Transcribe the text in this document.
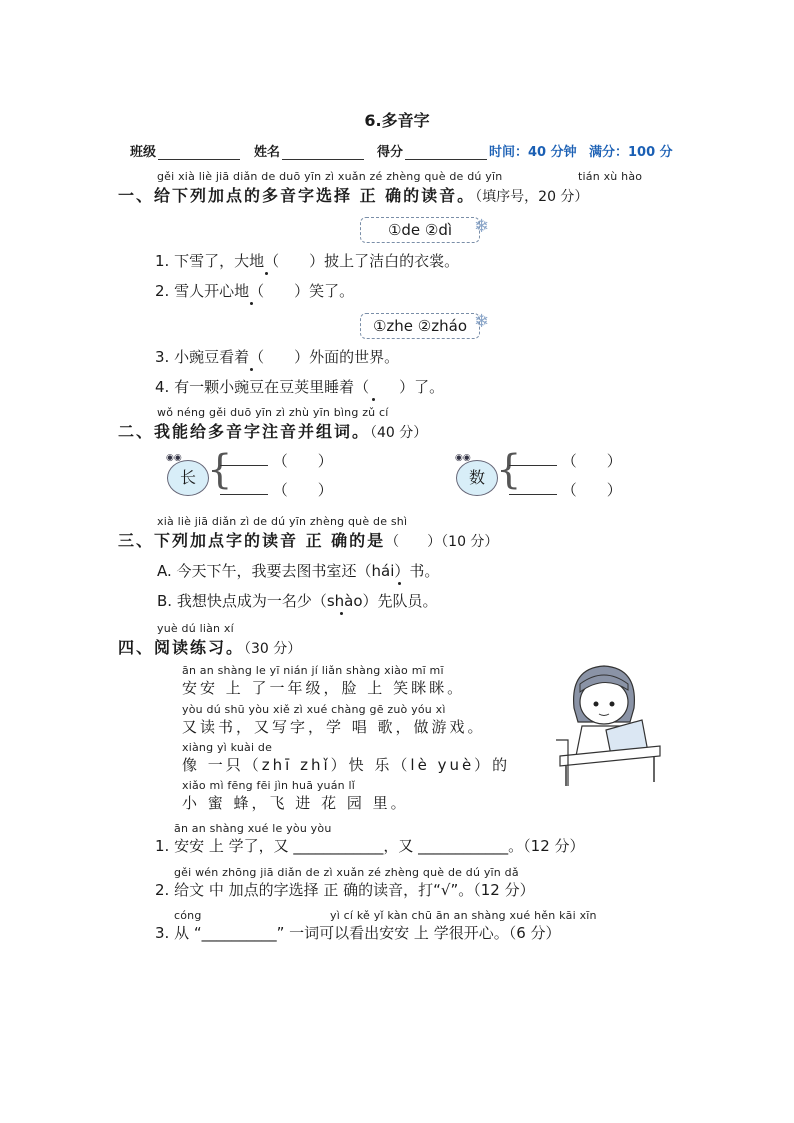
6.多音字
班级	姓名	得分	时间：40 分钟 满分：100 分
gěi xià liè jiā diǎn de duō yīn zì xuǎn zé zhèng què de dú yīn	tián xù hào
一、给下列加点的多音字选择 正 确的读音。（填序号，20 分）
①de ②dì	❄
1. 下雪了，大地（　　）披上了洁白的衣裳。
2. 雪人开心地（　　）笑了。
①zhe ②zháo ❄
3. 小豌豆看着（　　）外面的世界。
4. 有一颗小豌豆在豆荚里睡着（　　）了。
wǒ néng gěi duō yīn zì zhù yīn bìng zǔ cí
二、我能给多音字注音并组词。（40 分）
长
◉◉ {	（　　）
（　　）
数
◉◉ {	（　　）
（　　）
xià liè jiā diǎn zì de dú yīn zhèng què de shì
三、下列加点字的读音 正 确的是（　　）（10 分）
A. 今天下午，我要去图书室还（hái）书。
B. 我想快点成为一名少（shào）先队员。
yuè dú liàn xí
四、阅读练习。（30 分）
ān an shàng le yī nián jí liǎn shàng xiào mī mī
安安 上 了一年级，脸 上 笑眯眯。
yòu dú shū yòu xiě zì xué chàng gē zuò yóu xì
又读书，又写字，学 唱 歌，做游戏。
xiàng yì kuài de
像 一只（zhī zhǐ）快 乐（lè yuè）的
xiǎo mì fēng fēi jìn huā yuán lǐ
小 蜜 蜂，飞 进 花 园 里。
ān an shàng xué le yòu yòu
1. 安安 上 学了，又 ____________，又 ____________。（12 分）
gěi wén zhōng jiā diǎn de zì xuǎn zé zhèng què de dú yīn dǎ
2. 给文 中 加点的字选择 正 确的读音，打“√”。（12 分）
cóng	yì cí kě yǐ kàn chū ān an shàng xué hěn kāi xīn
3. 从 “__________” 一词可以看出安安 上 学很开心。（6 分）
